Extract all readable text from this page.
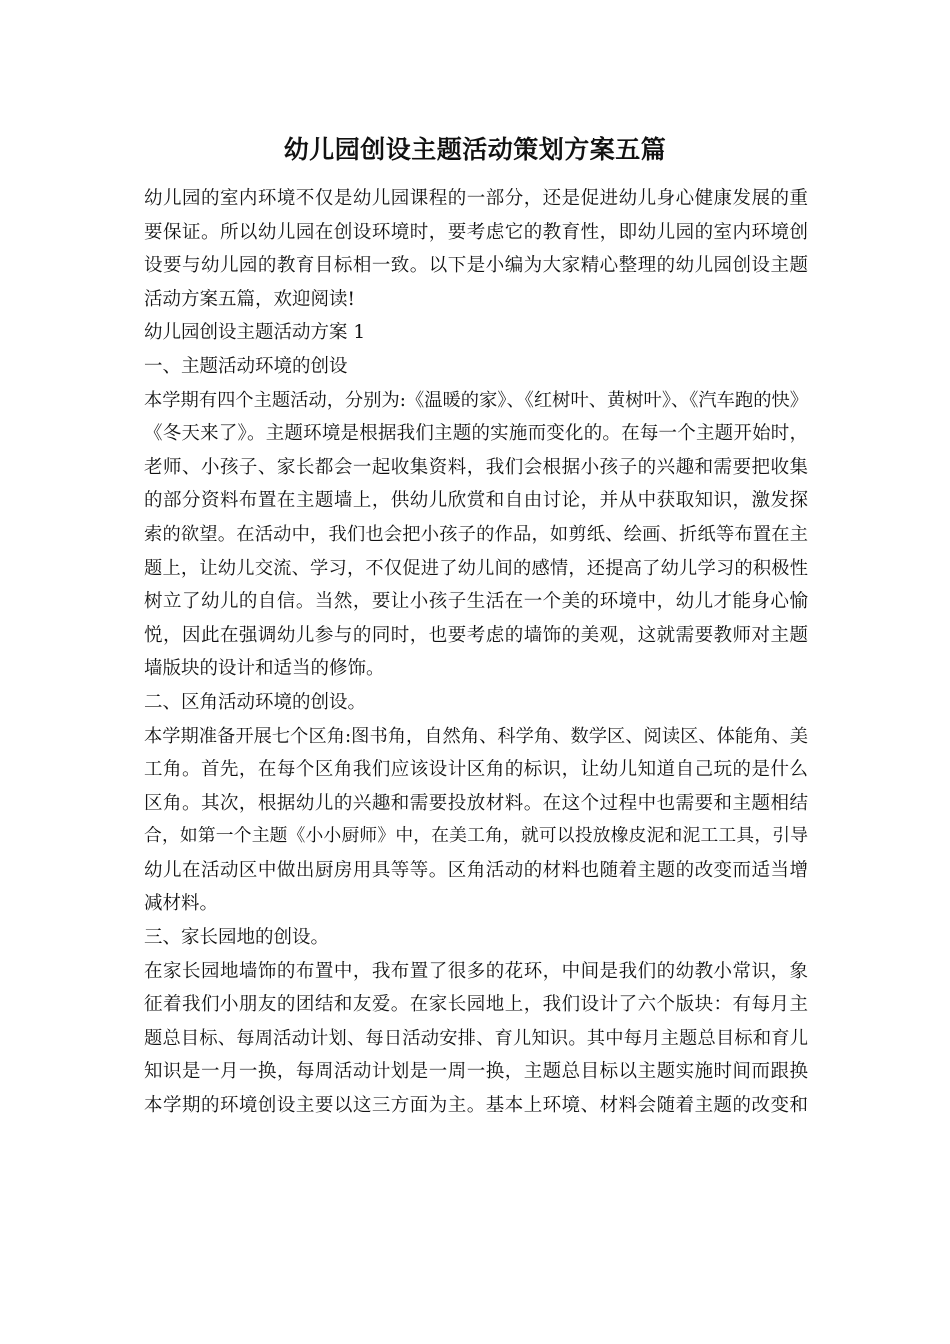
幼儿园创设主题活动策划方案五篇
幼儿园的室内环境不仅是幼儿园课程的一部分，还是促进幼儿身心健康发展的重
要保证。所以幼儿园在创设环境时，要考虑它的教育性，即幼儿园的室内环境创
设要与幼儿园的教育目标相一致。以下是小编为大家精心整理的幼儿园创设主题
活动方案五篇，欢迎阅读!
幼儿园创设主题活动方案 1
一、主题活动环境的创设
本学期有四个主题活动，分别为:《温暖的家》、《红树叶、黄树叶》、《汽车跑的快》
《冬天来了》。主题环境是根据我们主题的实施而变化的。在每一个主题开始时，
老师、小孩子、家长都会一起收集资料，我们会根据小孩子的兴趣和需要把收集
的部分资料布置在主题墙上，供幼儿欣赏和自由讨论，并从中获取知识，激发探
索的欲望。在活动中，我们也会把小孩子的作品，如剪纸、绘画、折纸等布置在主
题上，让幼儿交流、学习，不仅促进了幼儿间的感情，还提高了幼儿学习的积极性
树立了幼儿的自信。当然，要让小孩子生活在一个美的环境中，幼儿才能身心愉
悦，因此在强调幼儿参与的同时，也要考虑的墙饰的美观，这就需要教师对主题
墙版块的设计和适当的修饰。
二、区角活动环境的创设。
本学期准备开展七个区角:图书角，自然角、科学角、数学区、阅读区、体能角、美
工角。首先，在每个区角我们应该设计区角的标识，让幼儿知道自己玩的是什么
区角。其次，根据幼儿的兴趣和需要投放材料。在这个过程中也需要和主题相结
合，如第一个主题《小小厨师》中，在美工角，就可以投放橡皮泥和泥工工具，引导
幼儿在活动区中做出厨房用具等等。区角活动的材料也随着主题的改变而适当增
减材料。
三、家长园地的创设。
在家长园地墙饰的布置中，我布置了很多的花环，中间是我们的幼教小常识，象
征着我们小朋友的团结和友爱。在家长园地上，我们设计了六个版块：有每月主
题总目标、每周活动计划、每日活动安排、育儿知识。其中每月主题总目标和育儿
知识是一月一换，每周活动计划是一周一换，主题总目标以主题实施时间而跟换
本学期的环境创设主要以这三方面为主。基本上环境、材料会随着主题的改变和
